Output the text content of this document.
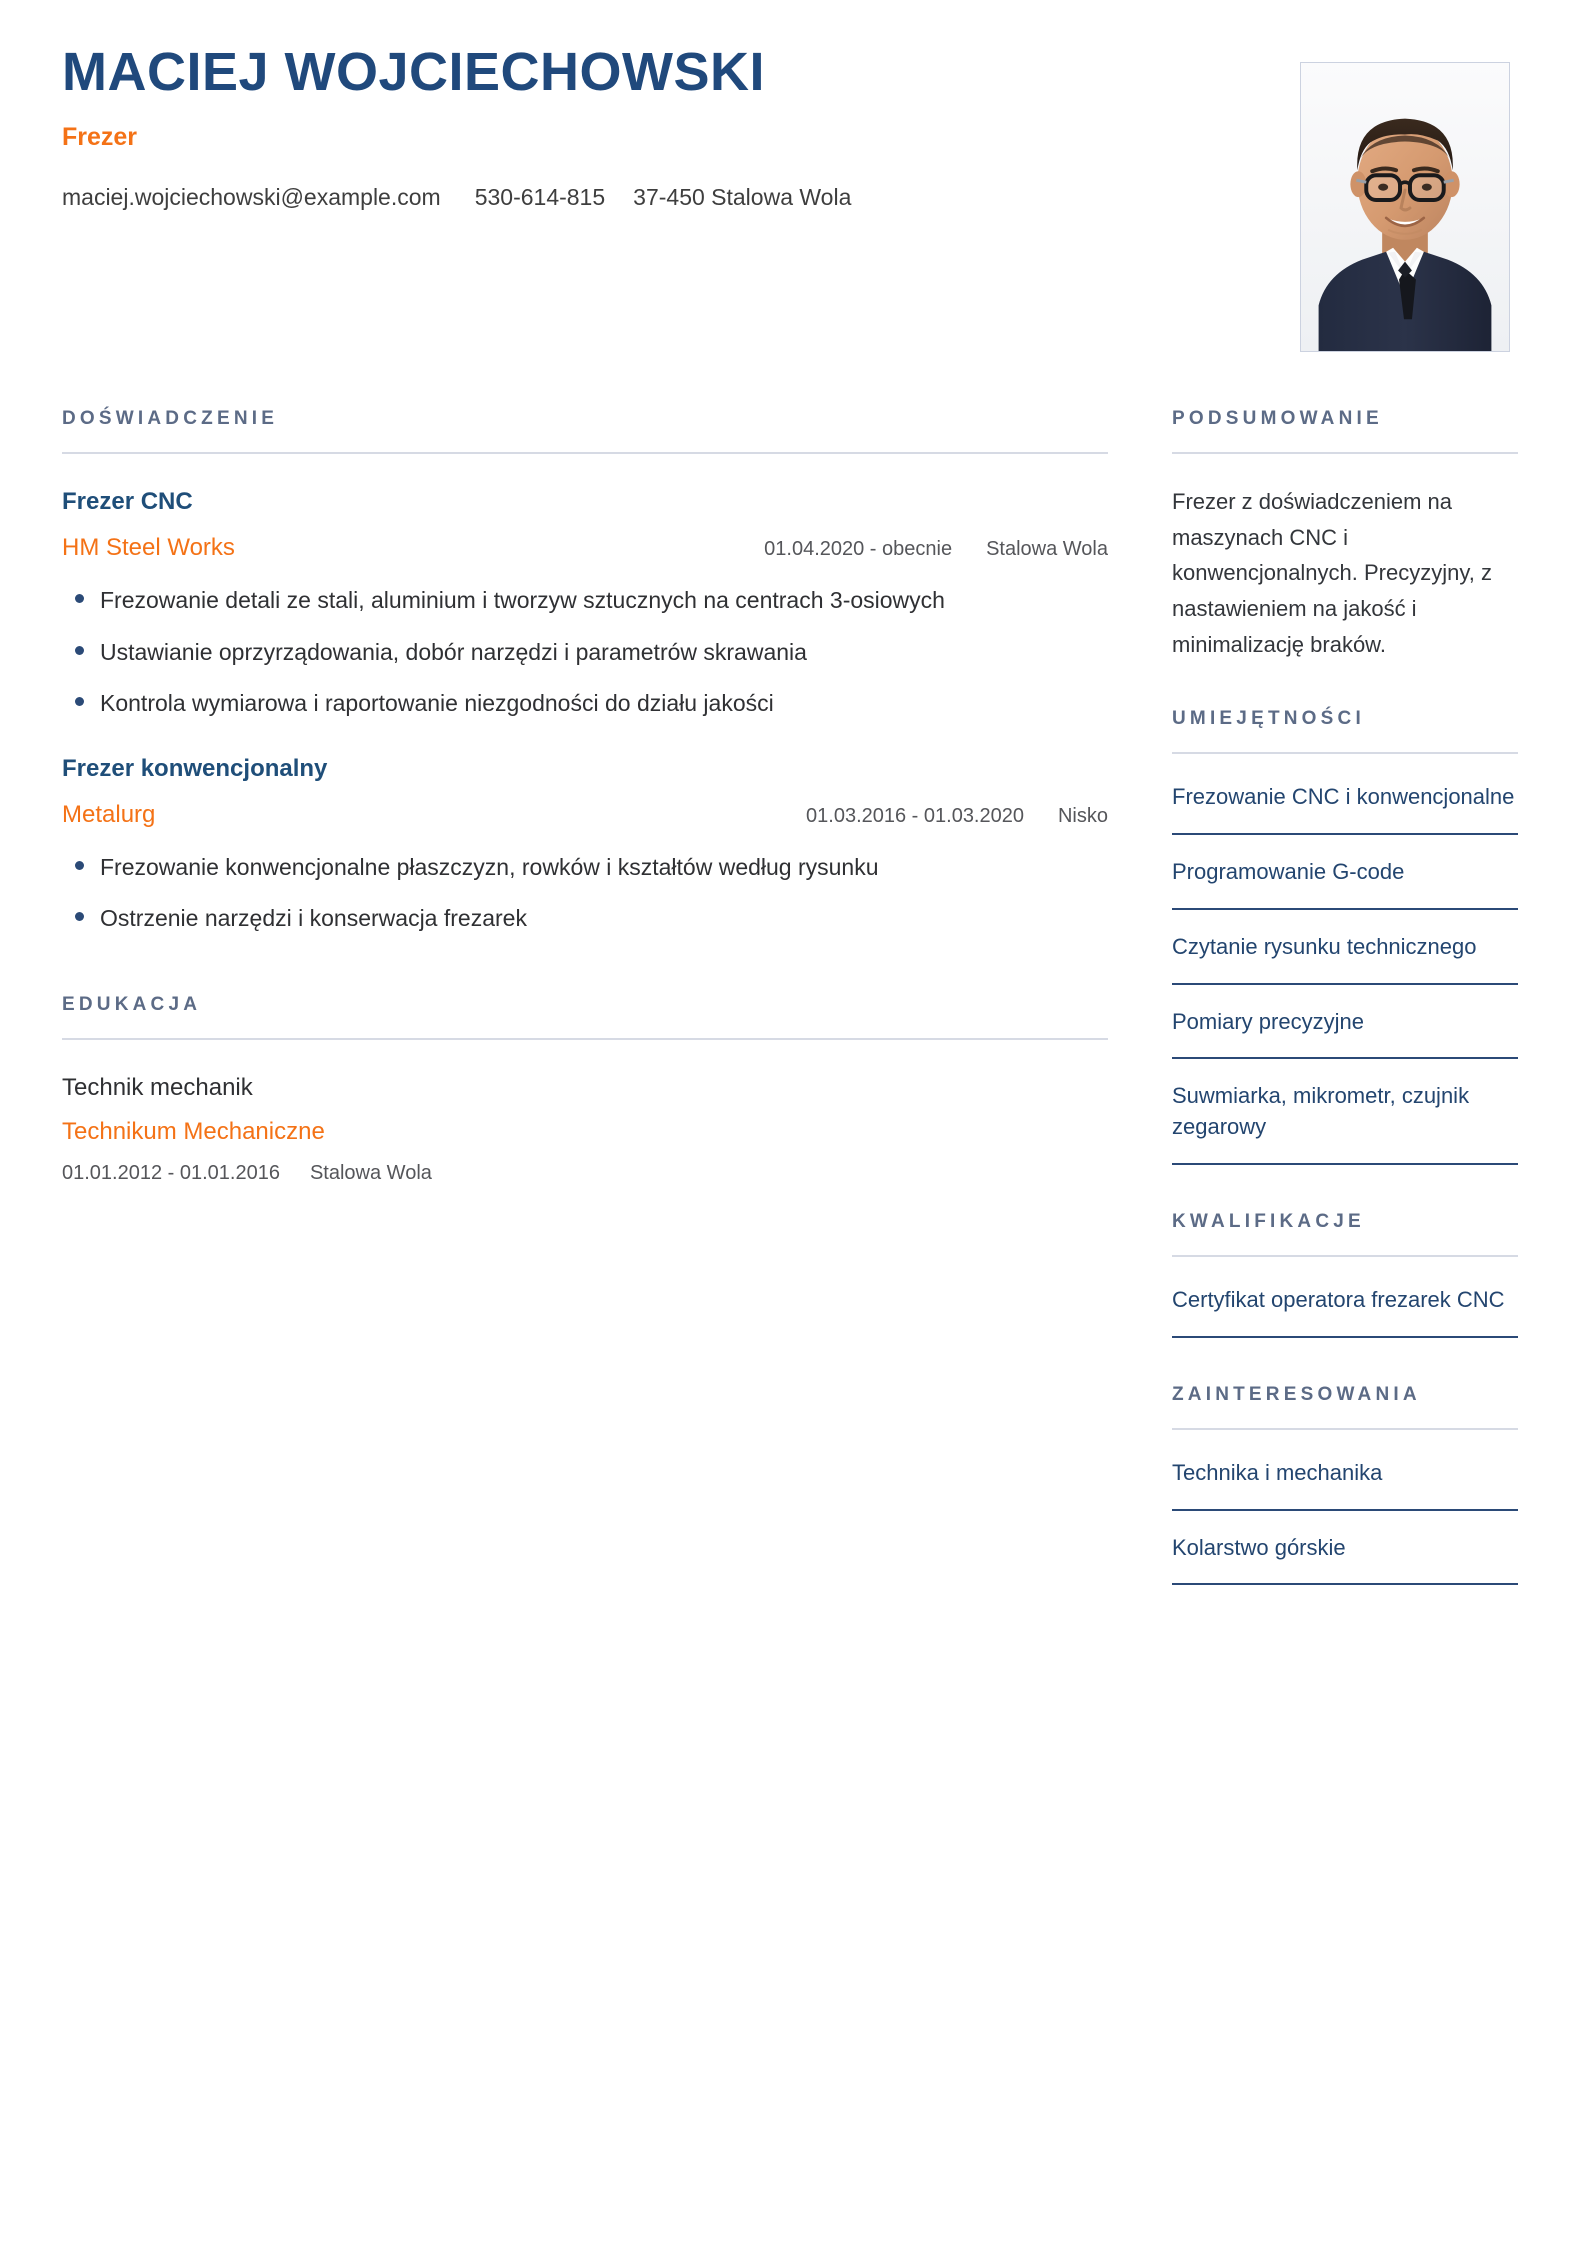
MACIEJ WOJCIECHOWSKI
Frezer
maciej.wojciechowski@example.com 530-614-815 37-450 Stalowa Wola
DOŚWIADCZENIE
Frezer CNC
HM Steel Works	01.04.2020 - obecnie Stalowa Wola
Frezowanie detali ze stali, aluminium i tworzyw sztucznych na centrach 3-osiowych
Ustawianie oprzyrządowania, dobór narzędzi i parametrów skrawania
Kontrola wymiarowa i raportowanie niezgodności do działu jakości
Frezer konwencjonalny
Metalurg	01.03.2016 - 01.03.2020 Nisko
Frezowanie konwencjonalne płaszczyzn, rowków i kształtów według rysunku
Ostrzenie narzędzi i konserwacja frezarek
EDUKACJA
Technik mechanik
Technikum Mechaniczne
01.01.2012 - 01.01.2016 Stalowa Wola
PODSUMOWANIE

Frezer z doświadczeniem na maszynach CNC i konwencjonalnych. Precyzyjny, z nastawieniem na jakość i minimalizację braków.

UMIEJĘTNOŚCI
Frezowanie CNC i konwencjonalne
Programowanie G-code
Czytanie rysunku technicznego
Pomiary precyzyjne
Suwmiarka, mikrometr, czujnik zegarowy
KWALIFIKACJE
Certyfikat operatora frezarek CNC
ZAINTERESOWANIA
Technika i mechanika
Kolarstwo górskie
